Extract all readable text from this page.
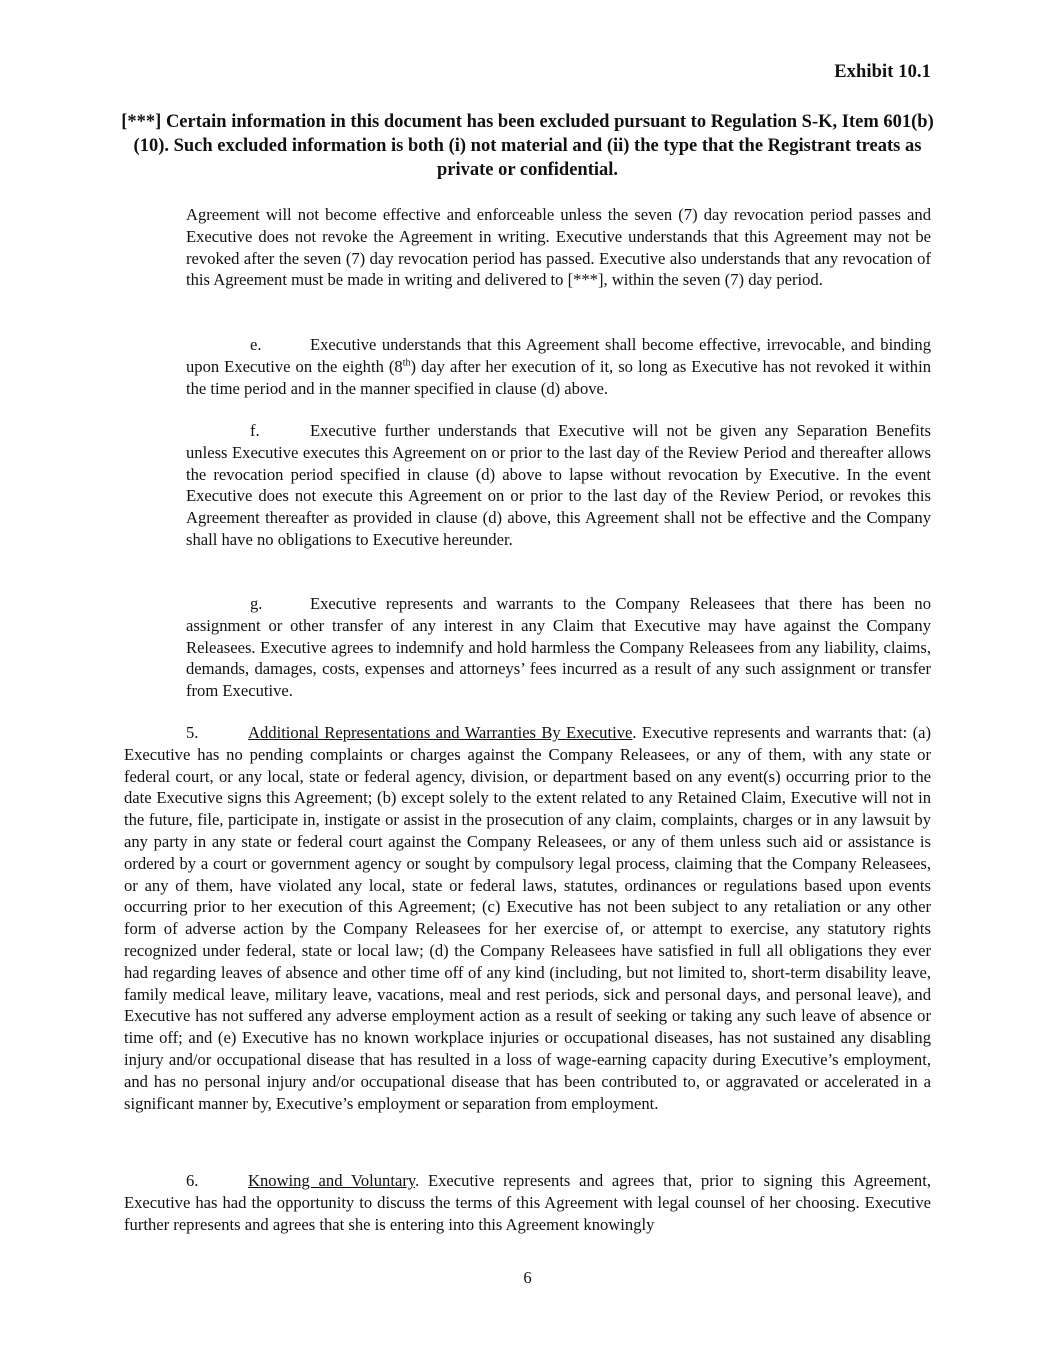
Exhibit 10.1
[***] Certain information in this document has been excluded pursuant to Regulation S-K, Item 601(b)(10). Such excluded information is both (i) not material and (ii) the type that the Registrant treats as private or confidential.
Agreement will not become effective and enforceable unless the seven (7) day revocation period passes and Executive does not revoke the Agreement in writing. Executive understands that this Agreement may not be revoked after the seven (7) day revocation period has passed. Executive also understands that any revocation of this Agreement must be made in writing and delivered to [***], within the seven (7) day period.
e.	Executive understands that this Agreement shall become effective, irrevocable, and binding upon Executive on the eighth (8th) day after her execution of it, so long as Executive has not revoked it within the time period and in the manner specified in clause (d) above.
f.	Executive further understands that Executive will not be given any Separation Benefits unless Executive executes this Agreement on or prior to the last day of the Review Period and thereafter allows the revocation period specified in clause (d) above to lapse without revocation by Executive. In the event Executive does not execute this Agreement on or prior to the last day of the Review Period, or revokes this Agreement thereafter as provided in clause (d) above, this Agreement shall not be effective and the Company shall have no obligations to Executive hereunder.
g.	Executive represents and warrants to the Company Releasees that there has been no assignment or other transfer of any interest in any Claim that Executive may have against the Company Releasees. Executive agrees to indemnify and hold harmless the Company Releasees from any liability, claims, demands, damages, costs, expenses and attorneys’ fees incurred as a result of any such assignment or transfer from Executive.
5.	Additional Representations and Warranties By Executive. Executive represents and warrants that: (a) Executive has no pending complaints or charges against the Company Releasees, or any of them, with any state or federal court, or any local, state or federal agency, division, or department based on any event(s) occurring prior to the date Executive signs this Agreement; (b) except solely to the extent related to any Retained Claim, Executive will not in the future, file, participate in, instigate or assist in the prosecution of any claim, complaints, charges or in any lawsuit by any party in any state or federal court against the Company Releasees, or any of them unless such aid or assistance is ordered by a court or government agency or sought by compulsory legal process, claiming that the Company Releasees, or any of them, have violated any local, state or federal laws, statutes, ordinances or regulations based upon events occurring prior to her execution of this Agreement; (c) Executive has not been subject to any retaliation or any other form of adverse action by the Company Releasees for her exercise of, or attempt to exercise, any statutory rights recognized under federal, state or local law; (d) the Company Releasees have satisfied in full all obligations they ever had regarding leaves of absence and other time off of any kind (including, but not limited to, short-term disability leave, family medical leave, military leave, vacations, meal and rest periods, sick and personal days, and personal leave), and Executive has not suffered any adverse employment action as a result of seeking or taking any such leave of absence or time off; and (e) Executive has no known workplace injuries or occupational diseases, has not sustained any disabling injury and/or occupational disease that has resulted in a loss of wage-earning capacity during Executive’s employment, and has no personal injury and/or occupational disease that has been contributed to, or aggravated or accelerated in a significant manner by, Executive’s employment or separation from employment.
6.	Knowing and Voluntary. Executive represents and agrees that, prior to signing this Agreement, Executive has had the opportunity to discuss the terms of this Agreement with legal counsel of her choosing. Executive further represents and agrees that she is entering into this Agreement knowingly
6
